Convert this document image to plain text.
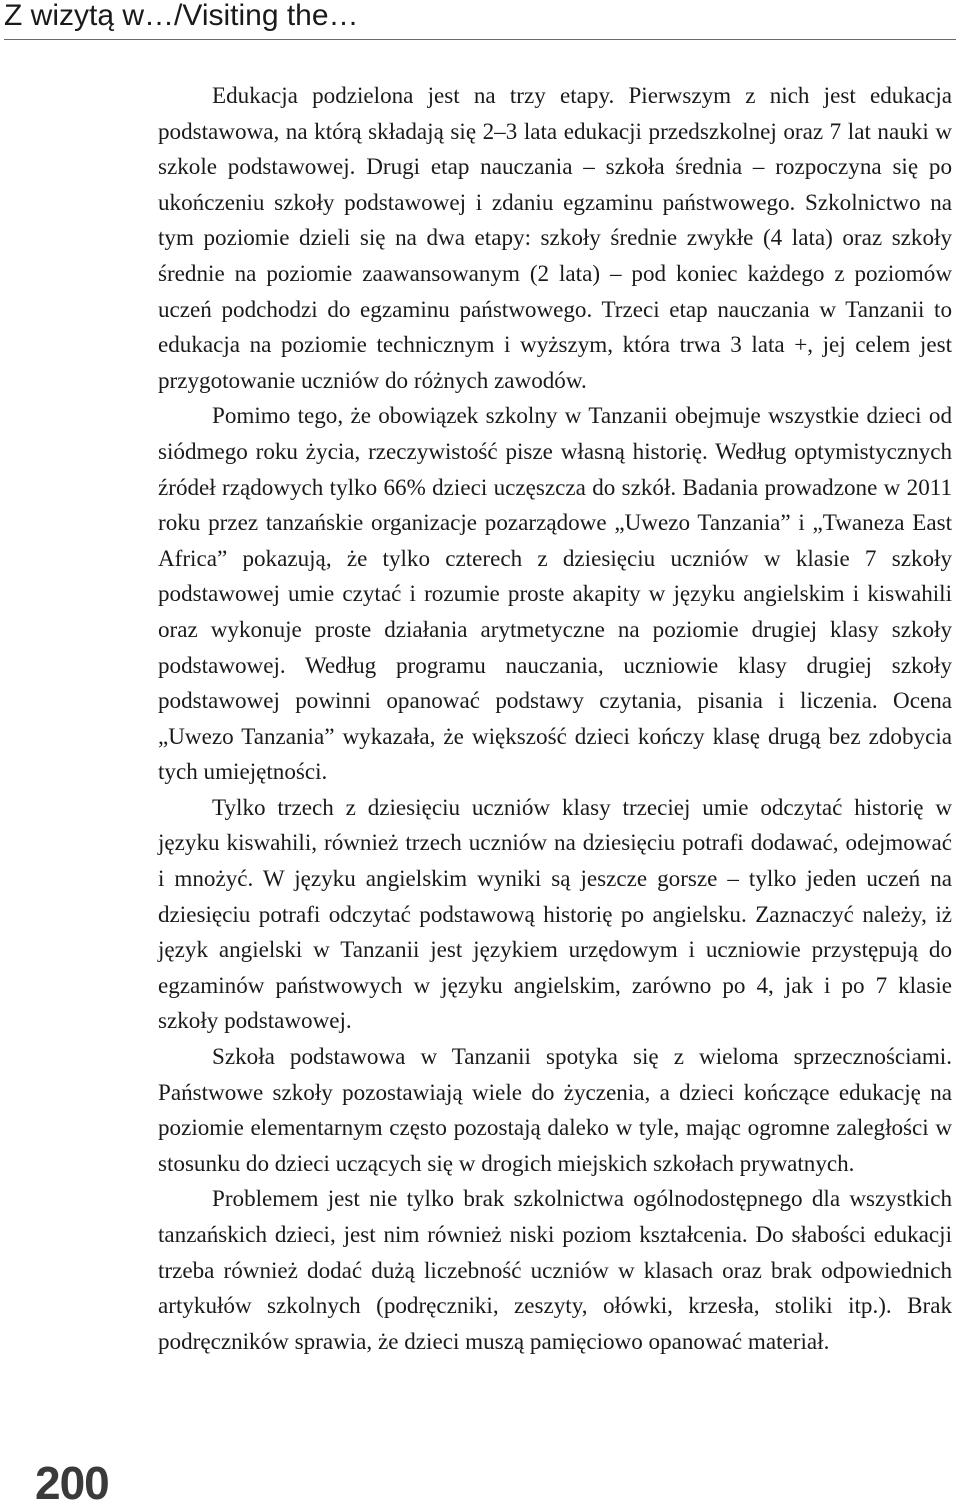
Z wizytą w…/Visiting the…

Edukacja podzielona jest na trzy etapy. Pierwszym z nich jest edukacja podstawowa, na którą składają się 2–3 lata edukacji przedszkolnej oraz 7 lat nauki w szkole podstawowej. Drugi etap nauczania – szkoła średnia – rozpoczyna się po ukończeniu szkoły podstawowej i zdaniu egzaminu państwowego. Szkolnictwo na tym poziomie dzieli się na dwa etapy: szkoły średnie zwykłe (4 lata) oraz szkoły średnie na poziomie zaawansowanym (2 lata) – pod koniec każdego z poziomów uczeń podchodzi do egzaminu państwowego. Trzeci etap nauczania w Tanzanii to edukacja na poziomie technicznym i wyższym, która trwa 3 lata +, jej celem jest przygotowanie uczniów do różnych zawodów.

Pomimo tego, że obowiązek szkolny w Tanzanii obejmuje wszystkie dzieci od siódmego roku życia, rzeczywistość pisze własną historię. Według optymistycznych źródeł rządowych tylko 66% dzieci uczęszcza do szkół. Badania prowadzone w 2011 roku przez tanzańskie organizacje pozarządowe „Uwezo Tanzania” i „Twaneza East Africa” pokazują, że tylko czterech z dziesięciu uczniów w klasie 7 szkoły podstawowej umie czytać i rozumie proste akapity w języku angielskim i kiswahili oraz wykonuje proste działania arytmetyczne na poziomie drugiej klasy szkoły podstawowej. Według programu nauczania, uczniowie klasy drugiej szkoły podstawowej powinni opanować podstawy czytania, pisania i liczenia. Ocena „Uwezo Tanzania” wykazała, że większość dzieci kończy klasę drugą bez zdobycia tych umiejętności.

Tylko trzech z dziesięciu uczniów klasy trzeciej umie odczytać historię w języku kiswahili, również trzech uczniów na dziesięciu potrafi dodawać, odejmować i mnożyć. W języku angielskim wyniki są jeszcze gorsze – tylko jeden uczeń na dziesięciu potrafi odczytać podstawową historię po angielsku. Zaznaczyć należy, iż język angielski w Tanzanii jest językiem urzędowym i uczniowie przystępują do egzaminów państwowych w języku angielskim, zarówno po 4, jak i po 7 klasie szkoły podstawowej.

Szkoła podstawowa w Tanzanii spotyka się z wieloma sprzecznościami. Państwowe szkoły pozostawiają wiele do życzenia, a dzieci kończące edukację na poziomie elementarnym często pozostają daleko w tyle, mając ogromne zaległości w stosunku do dzieci uczących się w drogich miejskich szkołach prywatnych.

Problemem jest nie tylko brak szkolnictwa ogólnodostępnego dla wszystkich tanzańskich dzieci, jest nim również niski poziom kształcenia. Do słabości edukacji trzeba również dodać dużą liczebność uczniów w klasach oraz brak odpowiednich artykułów szkolnych (podręczniki, zeszyty, ołówki, krzesła, stoliki itp.). Brak podręczników sprawia, że dzieci muszą pamięciowo opanować materiał.

200
